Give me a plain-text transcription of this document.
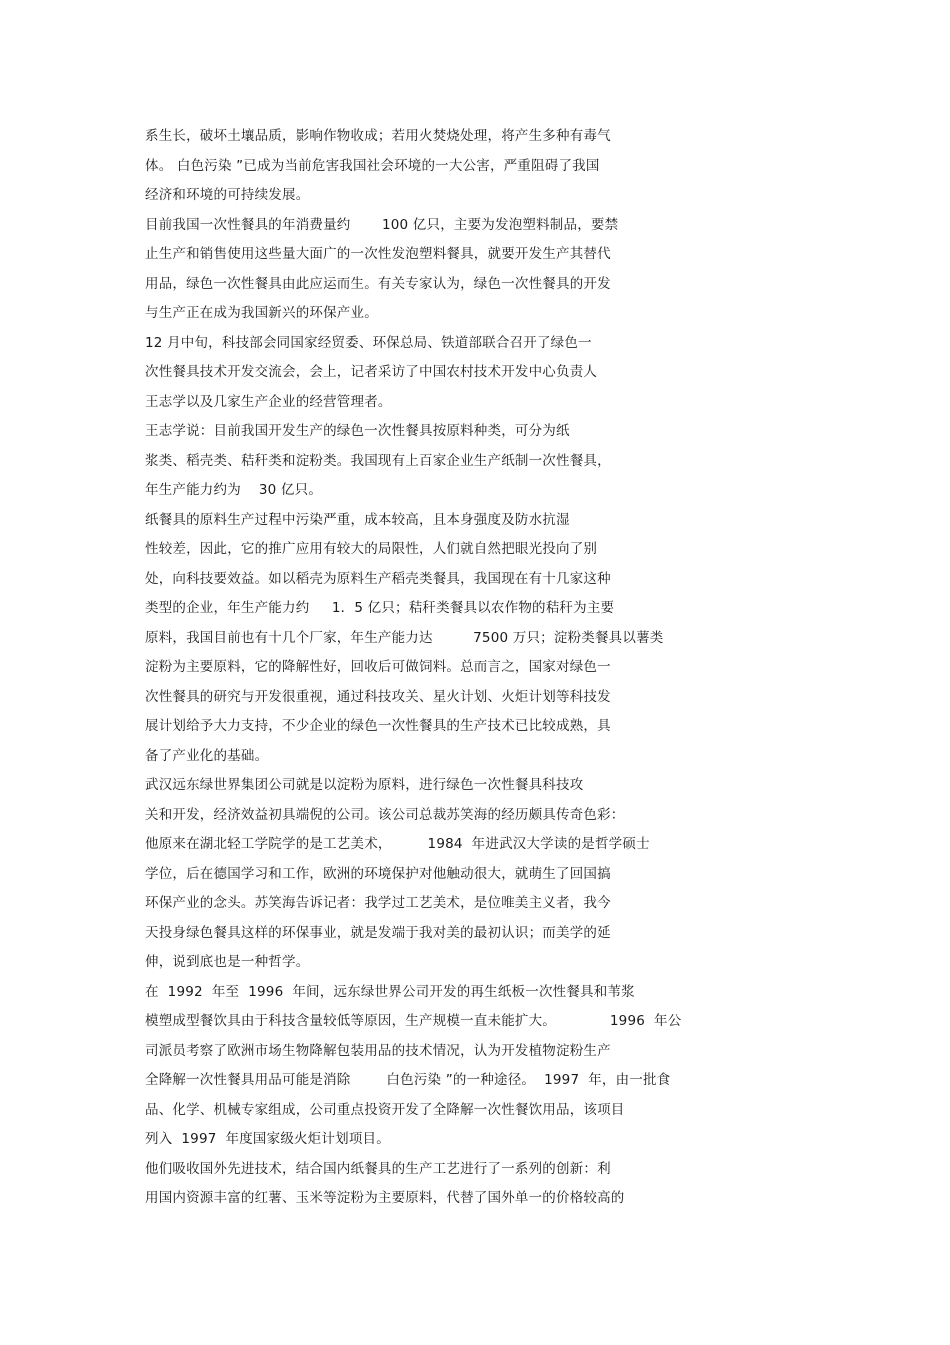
系生长，破坏土壤品质，影响作物收成；若用火焚烧处理，将产生多种有毒气
体。 白色污染 ”已成为当前危害我国社会环境的一大公害，严重阻碍了我国
经济和环境的可持续发展。
目前我国一次性餐具的年消费量约       100 亿只，主要为发泡塑料制品，要禁
止生产和销售使用这些量大面广的一次性发泡塑料餐具，就要开发生产其替代
用品，绿色一次性餐具由此应运而生。有关专家认为，绿色一次性餐具的开发
与生产正在成为我国新兴的环保产业。
12 月中旬，科技部会同国家经贸委、环保总局、铁道部联合召开了绿色一
次性餐具技术开发交流会，会上，记者采访了中国农村技术开发中心负责人
王志学以及几家生产企业的经营管理者。
王志学说：目前我国开发生产的绿色一次性餐具按原料种类，可分为纸
浆类、稻壳类、秸秆类和淀粉类。我国现有上百家企业生产纸制一次性餐具，
年生产能力约为    30 亿只。
纸餐具的原料生产过程中污染严重，成本较高，且本身强度及防水抗湿
性较差，因此，它的推广应用有较大的局限性，人们就自然把眼光投向了别
处，向科技要效益。如以稻壳为原料生产稻壳类餐具，我国现在有十几家这种
类型的企业，年生产能力约     1．5 亿只；秸秆类餐具以农作物的秸秆为主要
原料，我国目前也有十几个厂家，年生产能力达         7500 万只；淀粉类餐具以薯类
淀粉为主要原料，它的降解性好，回收后可做饲料。总而言之，国家对绿色一
次性餐具的研究与开发很重视，通过科技攻关、星火计划、火炬计划等科技发
展计划给予大力支持，不少企业的绿色一次性餐具的生产技术已比较成熟，具
备了产业化的基础。
武汉远东绿世界集团公司就是以淀粉为原料，进行绿色一次性餐具科技攻
关和开发，经济效益初具端倪的公司。该公司总裁苏笑海的经历颇具传奇色彩：
他原来在湖北轻工学院学的是工艺美术，        1984  年进武汉大学读的是哲学硕士
学位，后在德国学习和工作，欧洲的环境保护对他触动很大，就萌生了回国搞
环保产业的念头。苏笑海告诉记者：我学过工艺美术，是位唯美主义者，我今
天投身绿色餐具这样的环保事业，就是发端于我对美的最初认识；而美学的延
伸，说到底也是一种哲学。
在  1992  年至  1996  年间，远东绿世界公司开发的再生纸板一次性餐具和苇浆
模塑成型餐饮具由于科技含量较低等原因，生产规模一直未能扩大。            1996  年公
司派员考察了欧洲市场生物降解包装用品的技术情况，认为开发植物淀粉生产
全降解一次性餐具用品可能是消除        白色污染 ”的一种途径。  1997  年，由一批食
品、化学、机械专家组成，公司重点投资开发了全降解一次性餐饮用品，该项目
列入  1997  年度国家级火炬计划项目。
他们吸收国外先进技术，结合国内纸餐具的生产工艺进行了一系列的创新：利
用国内资源丰富的红薯、玉米等淀粉为主要原料，代替了国外单一的价格较高的
